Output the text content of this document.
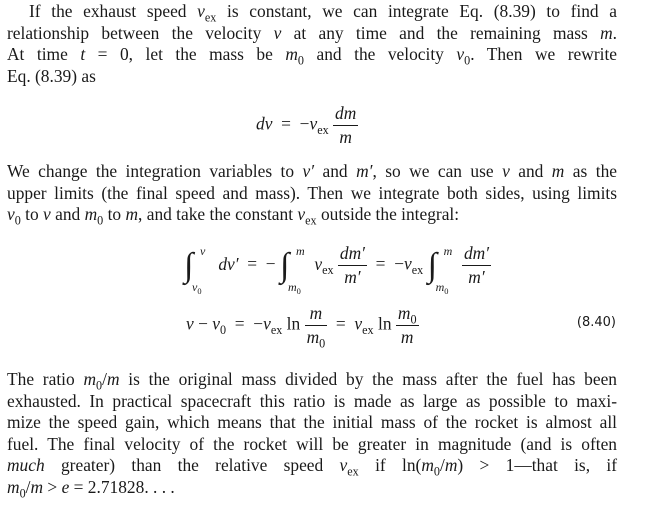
If the exhaust speed $v_{ex}$ is constant, we can integrate Eq. (8.39) to find a
relationship between the velocity v at any time and the remaining mass m.
At time t = 0, let the mass be $m_0$ and the velocity $v_0$. Then we rewrite
Eq. (8.39) as
dv = $-v_{ex} \frac{dm}{m}$
We change the integration variables to v′ and m′, so we can use v and m as the
upper limits (the final speed and mass). Then we integrate both sides, using limits
$v_0$ to v and $m_0$ to m, and take the constant $v_{ex}$ outside the integral:
∫ v
$v_0$
dv′ = − ∫ m
$m_0$
$v_{ex} \frac{dm'}{m'} = -v_{ex}$ ∫ m
$m_0$

$\frac{dm'}{m'}$
$v - v_0 = -v_{ex}$ $\ln \frac{m}{m_0} = v_{ex}$ $\ln \frac{m_0}{m}$	(8.40)
The ratio $m_0/m$ is the original mass divided by the mass after the fuel has been
exhausted. In practical spacecraft this ratio is made as large as possible to maxi-
mize the speed gain, which means that the initial mass of the rocket is almost all
fuel. The final velocity of the rocket will be greater in magnitude (and is often
much greater) than the relative speed $v_{ex}$ if $\ln(m_0/m)$ > 1—that is, if
$m_0/m > e = 2.71828$. . . .
